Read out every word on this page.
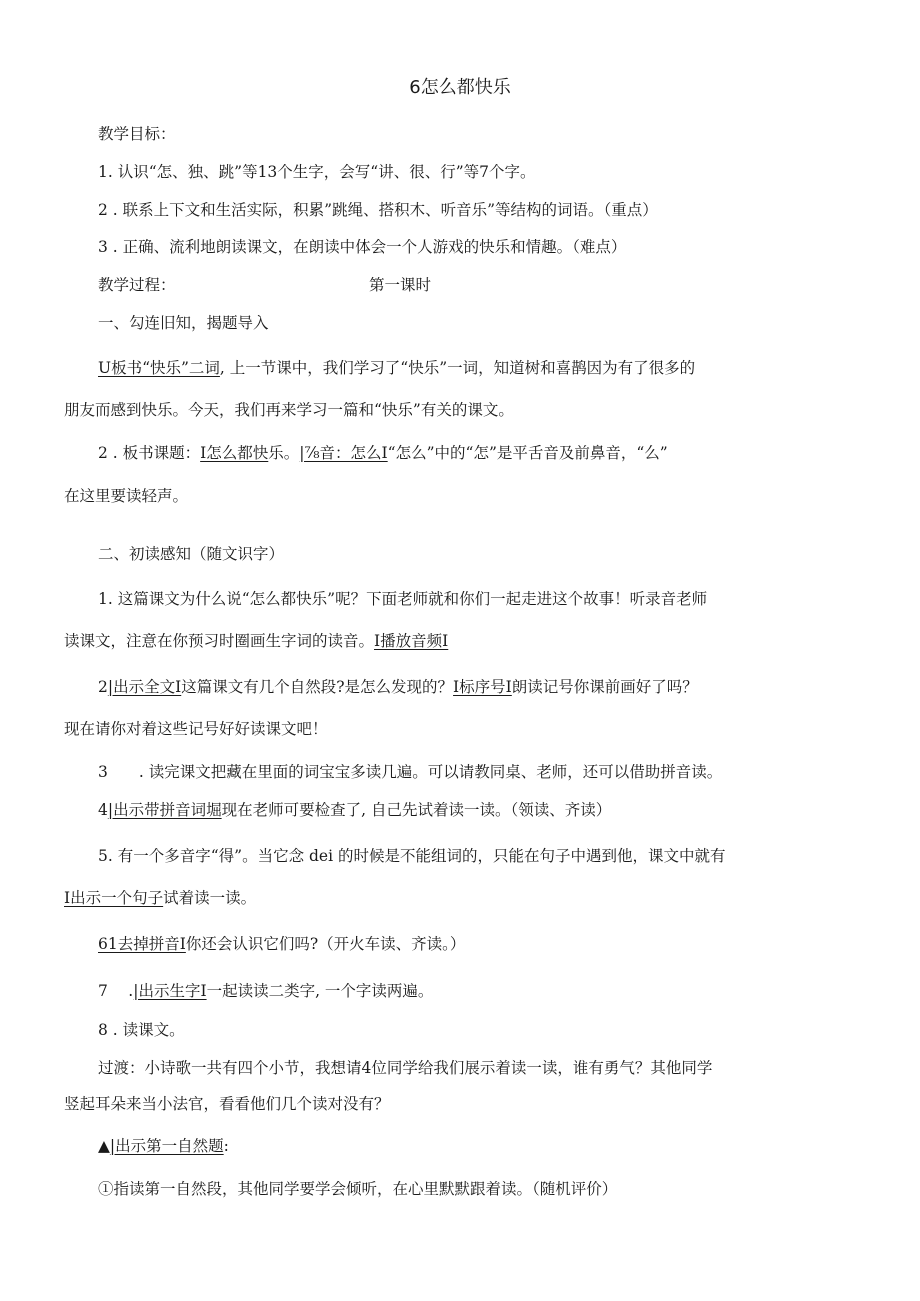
6怎么都快乐
教学目标：
1. 认识“怎、独、跳”等13个生字，会写“讲、很、行”等7个字。
2 . 联系上下文和生活实际，积累”跳绳、搭积木、听音乐”等结构的词语。（重点）
3 . 正确、流利地朗读课文，在朗读中体会一个人游戏的快乐和情趣。（难点）
教学过程：	第一课时
一、勾连旧知，揭题导入
U板书“快乐”二词, 上一节课中，我们学习了“快乐”一词，知道树和喜鹊因为有了很多的
朋友而感到快乐。今天，我们再来学习一篇和“快乐”有关的课文。
2 . 板书课题：I怎么都快乐。|⅞音：怎么I“怎么”中的“怎”是平舌音及前鼻音，“么”
在这里要读轻声。
二、初读感知（随文识字）
1. 这篇课文为什么说“怎么都快乐”呢？下面老师就和你们一起走进这个故事！听录音老师
读课文，注意在你预习时圈画生字词的读音。I播放音频I
2|出示全文I这篇课文有几个自然段?是怎么发现的？I标序号I朗读记号你课前画好了吗？
现在请你对着这些记号好好读课文吧！
3　　. 读完课文把藏在里面的词宝宝多读几遍。可以请教同桌、老师，还可以借助拼音读。
4|出示带拼音词堀现在老师可要检查了, 自己先试着读一读。（领读、齐读）
5. 有一个多音字“得”。当它念 dei 的时候是不能组词的，只能在句子中遇到他，课文中就有
I出示一个句子试着读一读。
61去掉拼音I你还会认识它们吗?（开火车读、齐读。）
7 　.|出示生字I一起读读二类字, 一个字读两遍。
8 . 读课文。
过渡：小诗歌一共有四个小节，我想请4位同学给我们展示着读一读，谁有勇气？其他同学
竖起耳朵来当小法官，看看他们几个读对没有？
▲|出示第一自然题:
①指读第一自然段，其他同学要学会倾听，在心里默默跟着读。（随机评价）
